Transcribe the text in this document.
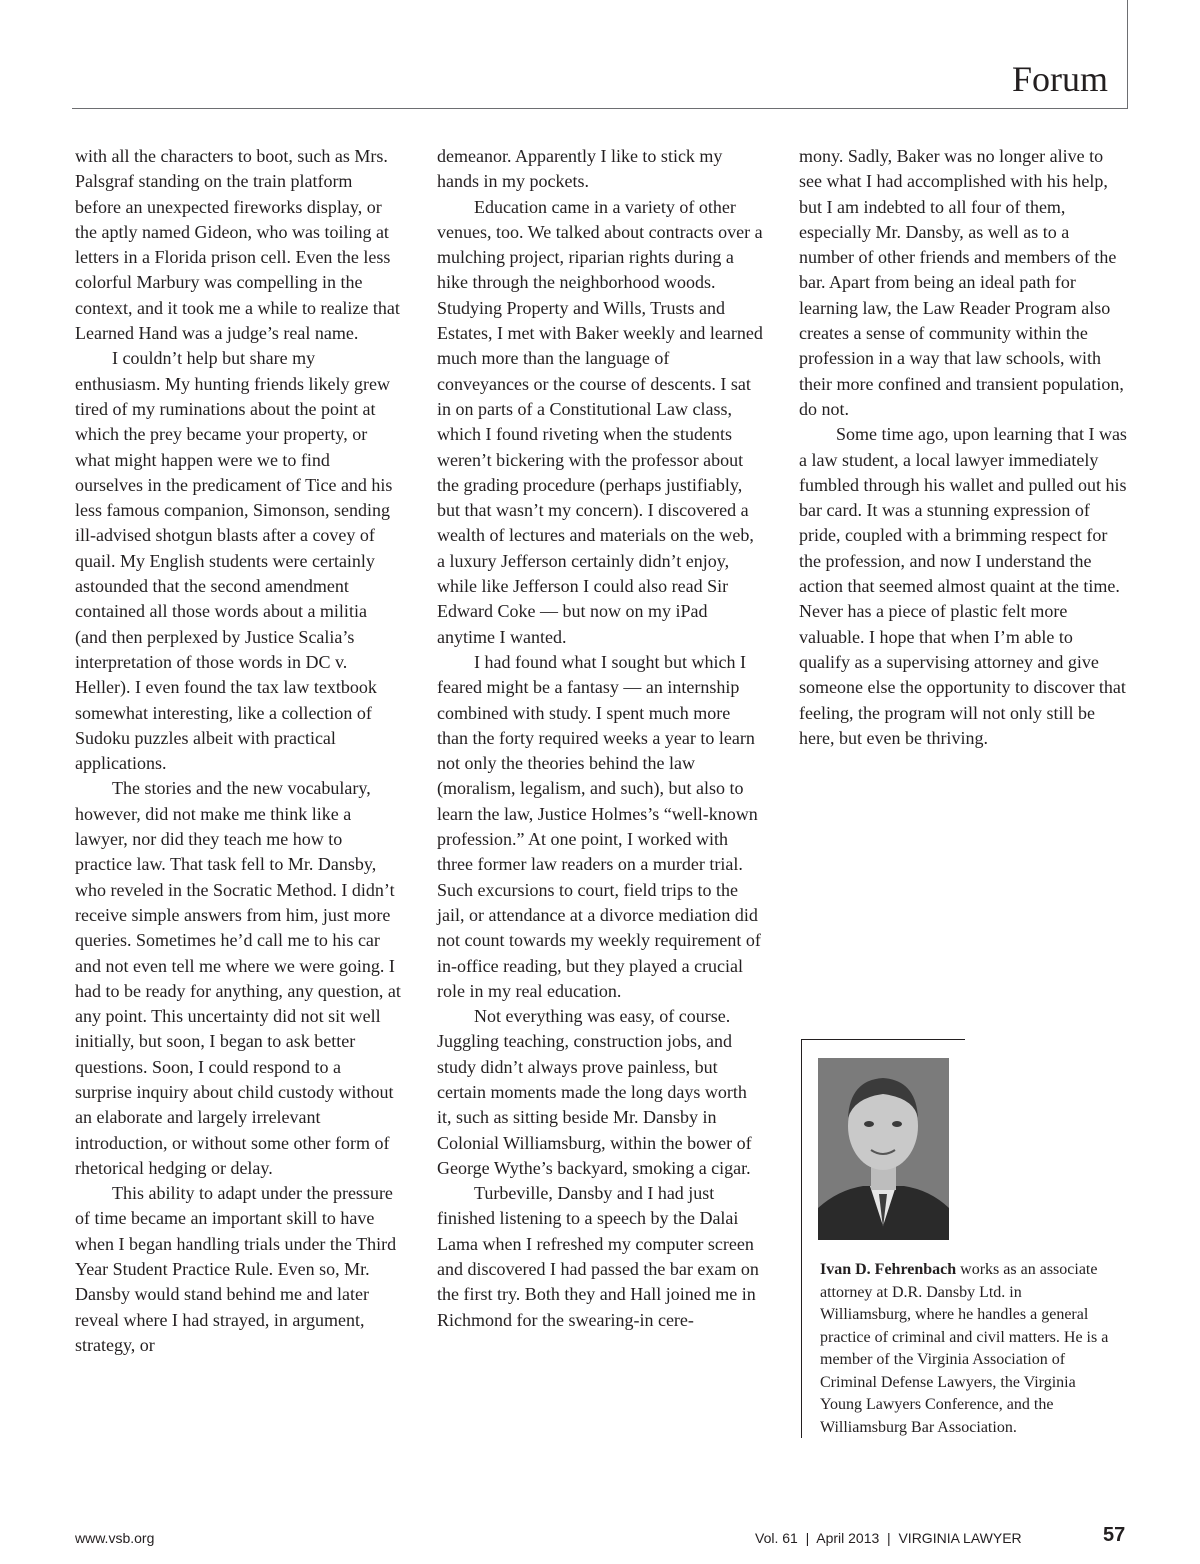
Forum

with all the characters to boot, such as Mrs. Palsgraf standing on the train platform before an unexpected fireworks display, or the aptly named Gideon, who was toiling at letters in a Florida prison cell. Even the less colorful Marbury was compelling in the context, and it took me a while to realize that Learned Hand was a judge’s real name.

I couldn’t help but share my enthusiasm. My hunting friends likely grew tired of my ruminations about the point at which the prey became your property, or what might happen were we to find ourselves in the predicament of Tice and his less famous companion, Simonson, sending ill-advised shotgun blasts after a covey of quail. My English students were certainly astounded that the second amendment contained all those words about a militia (and then perplexed by Justice Scalia’s interpretation of those words in DC v. Heller). I even found the tax law textbook somewhat interesting, like a collection of Sudoku puzzles albeit with practical applications.

The stories and the new vocabulary, however, did not make me think like a lawyer, nor did they teach me how to practice law. That task fell to Mr. Dansby, who reveled in the Socratic Method. I didn’t receive simple answers from him, just more queries. Sometimes he’d call me to his car and not even tell me where we were going. I had to be ready for anything, any question, at any point. This uncertainty did not sit well initially, but soon, I began to ask better questions. Soon, I could respond to a surprise inquiry about child custody without an elaborate and largely irrelevant introduction, or without some other form of rhetorical hedging or delay.

This ability to adapt under the pressure of time became an important skill to have when I began handling trials under the Third Year Student Practice Rule. Even so, Mr. Dansby would stand behind me and later reveal where I had strayed, in argument, strategy, or

demeanor. Apparently I like to stick my hands in my pockets.

Education came in a variety of other venues, too. We talked about contracts over a mulching project, riparian rights during a hike through the neighborhood woods. Studying Property and Wills, Trusts and Estates, I met with Baker weekly and learned much more than the language of conveyances or the course of descents. I sat in on parts of a Constitutional Law class, which I found riveting when the students weren’t bickering with the professor about the grading procedure (perhaps justifiably, but that wasn’t my concern). I discovered a wealth of lectures and materials on the web, a luxury Jefferson certainly didn’t enjoy, while like Jefferson I could also read Sir Edward Coke — but now on my iPad anytime I wanted.

I had found what I sought but which I feared might be a fantasy — an internship combined with study. I spent much more than the forty required weeks a year to learn not only the theories behind the law (moralism, legalism, and such), but also to learn the law, Justice Holmes’s “well-known profession.” At one point, I worked with three former law readers on a murder trial. Such excursions to court, field trips to the jail, or attendance at a divorce mediation did not count towards my weekly requirement of in-office reading, but they played a crucial role in my real education.

Not everything was easy, of course. Juggling teaching, construction jobs, and study didn’t always prove painless, but certain moments made the long days worth it, such as sitting beside Mr. Dansby in Colonial Williamsburg, within the bower of George Wythe’s backyard, smoking a cigar.

Turbeville, Dansby and I had just finished listening to a speech by the Dalai Lama when I refreshed my computer screen and discovered I had passed the bar exam on the first try. Both they and Hall joined me in Richmond for the swearing-in cere-

mony. Sadly, Baker was no longer alive to see what I had accomplished with his help, but I am indebted to all four of them, especially Mr. Dansby, as well as to a number of other friends and members of the bar. Apart from being an ideal path for learning law, the Law Reader Program also creates a sense of community within the profession in a way that law schools, with their more confined and transient population, do not.

Some time ago, upon learning that I was a law student, a local lawyer immediately fumbled through his wallet and pulled out his bar card. It was a stunning expression of pride, coupled with a brimming respect for the profession, and now I understand the action that seemed almost quaint at the time. Never has a piece of plastic felt more valuable. I hope that when I’m able to qualify as a supervising attorney and give someone else the opportunity to discover that feeling, the program will not only still be here, but even be thriving.

Ivan D. Fehrenbach works as an associate attorney at D.R. Dansby Ltd. in Williamsburg, where he handles a general practice of criminal and civil matters. He is a member of the Virginia Association of Criminal Defense Lawyers, the Virginia Young Lawyers Conference, and the Williamsburg Bar Association.
www.vsb.org	Vol. 61  |  April 2013  |  VIRGINIA LAWYER	57
